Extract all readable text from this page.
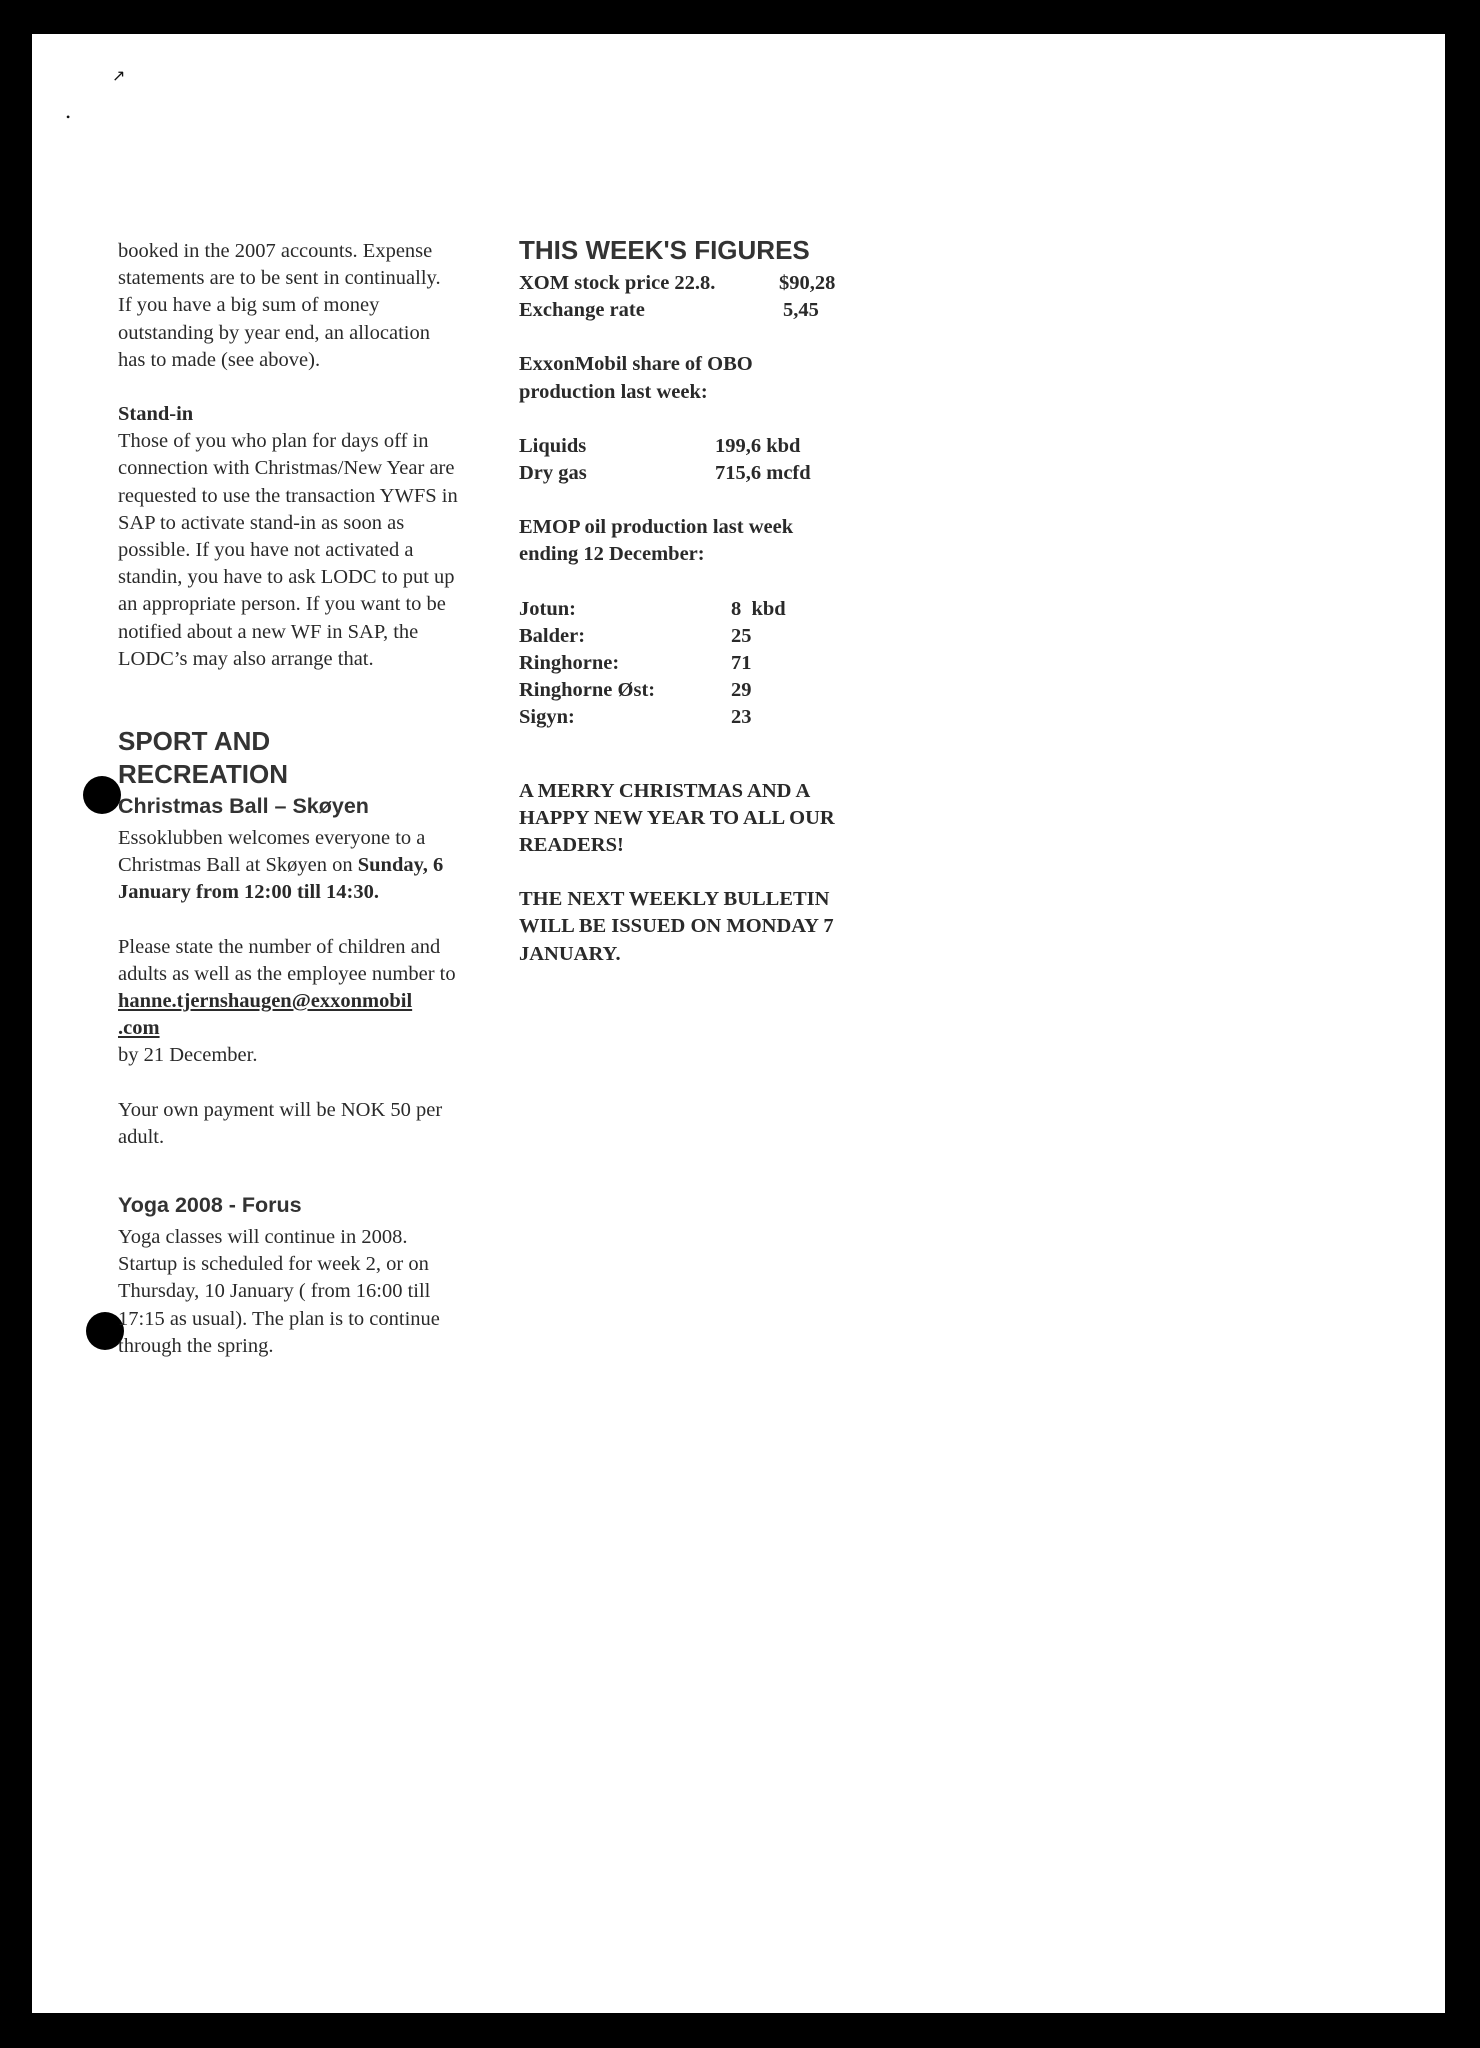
↗
•

booked in the 2007 accounts. Expense statements are to be sent in continually. If you have a big sum of money outstanding by year end, an allocation has to made (see above).

Stand-in

Those of you who plan for days off in connection with Christmas/New Year are requested to use the transaction YWFS in SAP to activate stand-in as soon as possible. If you have not activated a standin, you have to ask LODC to put up an appropriate person. If you want to be notified about a new WF in SAP, the LODC’s may also arrange that.

SPORT AND
RECREATION
Christmas Ball – Skøyen

Essoklubben welcomes everyone to a Christmas Ball at Skøyen on Sunday, 6 January from 12:00 till 14:30.

Please state the number of children and adults as well as the employee number to
hanne.tjernshaugen@exxonmobil
.com
by 21 December.

Your own payment will be NOK 50 per adult.

Yoga 2008 - Forus

Yoga classes will continue in 2008. Startup is scheduled for week 2, or on Thursday, 10 January ( from 16:00 till 17:15 as usual). The plan is to continue through the spring.

THIS WEEK'S FIGURES
XOM stock price 22.8.	$90,28
Exchange rate	5,45
ExxonMobil share of OBO production last week:
Liquids	199,6 kbd
Dry gas	715,6 mcfd
EMOP oil production last week ending 12 December:
Jotun:	8  kbd
Balder:	25
Ringhorne:	71
Ringhorne Øst:	29
Sigyn:	23
A MERRY CHRISTMAS AND A HAPPY NEW YEAR TO ALL OUR READERS!
THE NEXT WEEKLY BULLETIN WILL BE ISSUED ON MONDAY 7 JANUARY.
